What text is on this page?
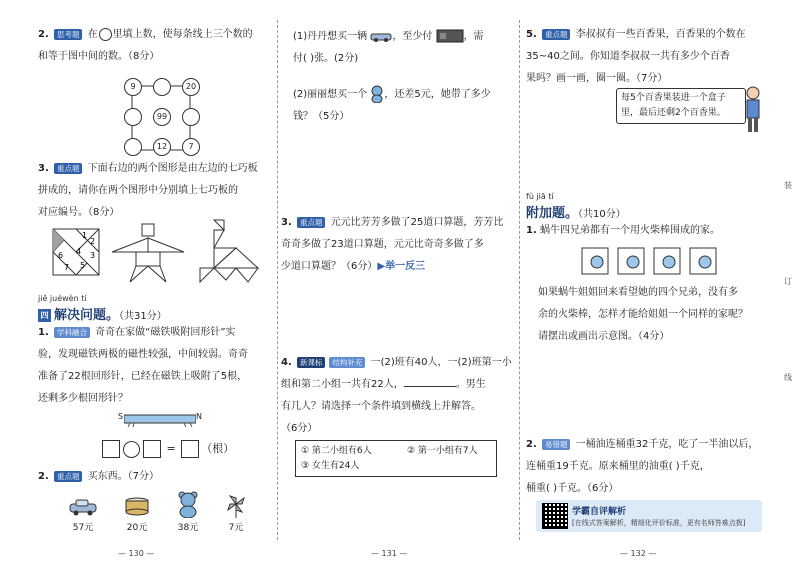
2. 思考题 在 里填上数，使每条线上三个数的
和等于图中间的数。（8分）

9	20
99
12	7

3. 重点题 下面右边的两个图形是由左边的七巧板
拼成的，请你在两个图形中分别填上七巧板的
对应编号。（8分）

1
2
3
4
5
6
7
jiě juéwèn tí
四 解决问题。（共31分）

1. 学科融合 奇奇在家做“磁铁吸附回形针”实
验，发现磁铁两极的磁性较强，中间较弱。奇奇
准备了22根回形针，已经在磁铁上吸附了5根，
还剩多少根回形针？

S	N
= （根）

2. 重点题 买东西。（7分）

57元	20元	38元	7元
— 130 —

(1)丹丹想买一辆	，至少付	，需
付( )张。(2分)

(2)丽丽想买一个 ，还差5元，她带了多少
钱？（5分）

3. 重点题 元元比芳芳多做了25道口算题，芳芳比
奇奇多做了23道口算题，元元比奇奇多做了多
少道口算题？（6分）▶举一反三

4. 新课标 结构补充 一(2)班有40人，一(2)班第一小
组和第二小组一共有22人，	。男生
有几人？请选择一个条件填到横线上并解答。
（6分）

① 第二小组有6人	② 第一小组有7人
③ 女生有24人
— 131 —

5. 重点题 李叔叔有一些百香果，百香果的个数在
35~40之间。你知道李叔叔一共有多少个百香
果吗？画一画，圈一圈。（7分）

每5个百香果装进一个盒子
里，最后还剩2个百香果。
fù jiā tí
附加题。（共10分）

1. 蜗牛四兄弟都有一个用火柴棒围成的家。

如果蜗牛姐姐回来看望她的四个兄弟，没有多
余的火柴棒，怎样才能给姐姐一个同样的家呢？
请摆出或画出示意图。（4分）

2. 易错题 一桶油连桶重32千克，吃了一半油以后，
连桶重19千克。原来桶里的油重( )千克，
桶重( )千克。（6分）

学霸自评解析
[在线式答案解析，精细化评价标准，更有名师答难点拨]
装
订
线
— 132 —
